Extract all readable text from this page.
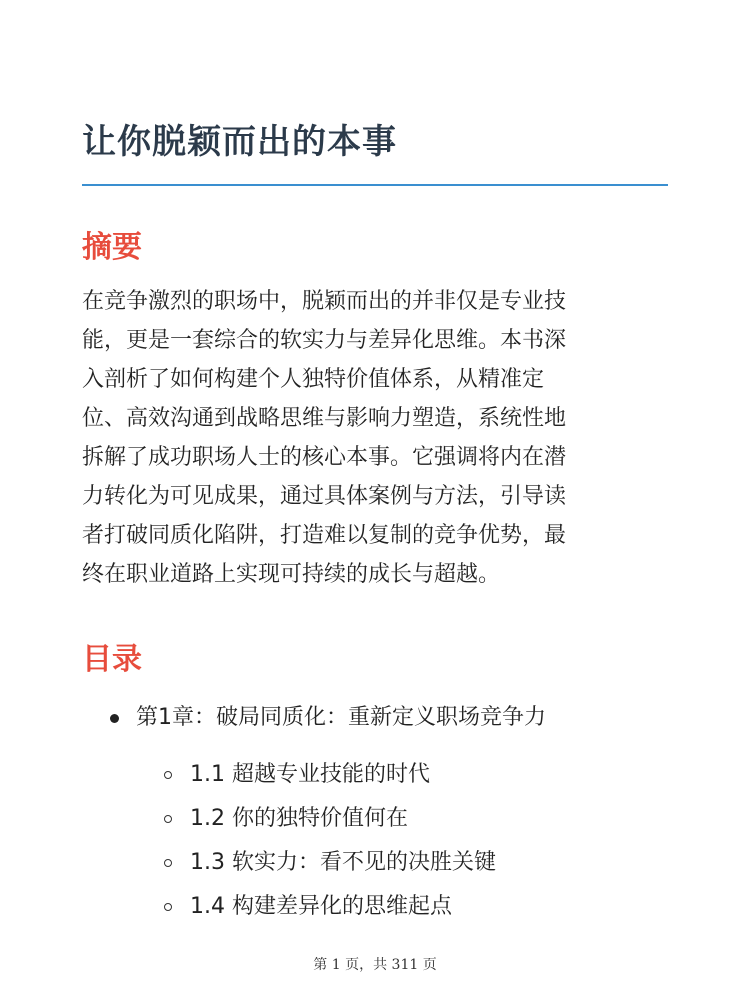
让你脱颖而出的本事
摘要

在竞争激烈的职场中，脱颖而出的并非仅是专业技
能，更是一套综合的软实力与差异化思维。本书深
入剖析了如何构建个人独特价值体系，从精准定
位、高效沟通到战略思维与影响力塑造，系统性地
拆解了成功职场人士的核心本事。它强调将内在潜
力转化为可见成果，通过具体案例与方法，引导读
者打破同质化陷阱，打造难以复制的竞争优势，最
终在职业道路上实现可持续的成长与超越。

目录
第1章：破局同质化：重新定义职场竞争力
1.1 超越专业技能的时代
1.2 你的独特价值何在
1.3 软实力：看不见的决胜关键
1.4 构建差异化的思维起点
第 1 页，共 311 页
